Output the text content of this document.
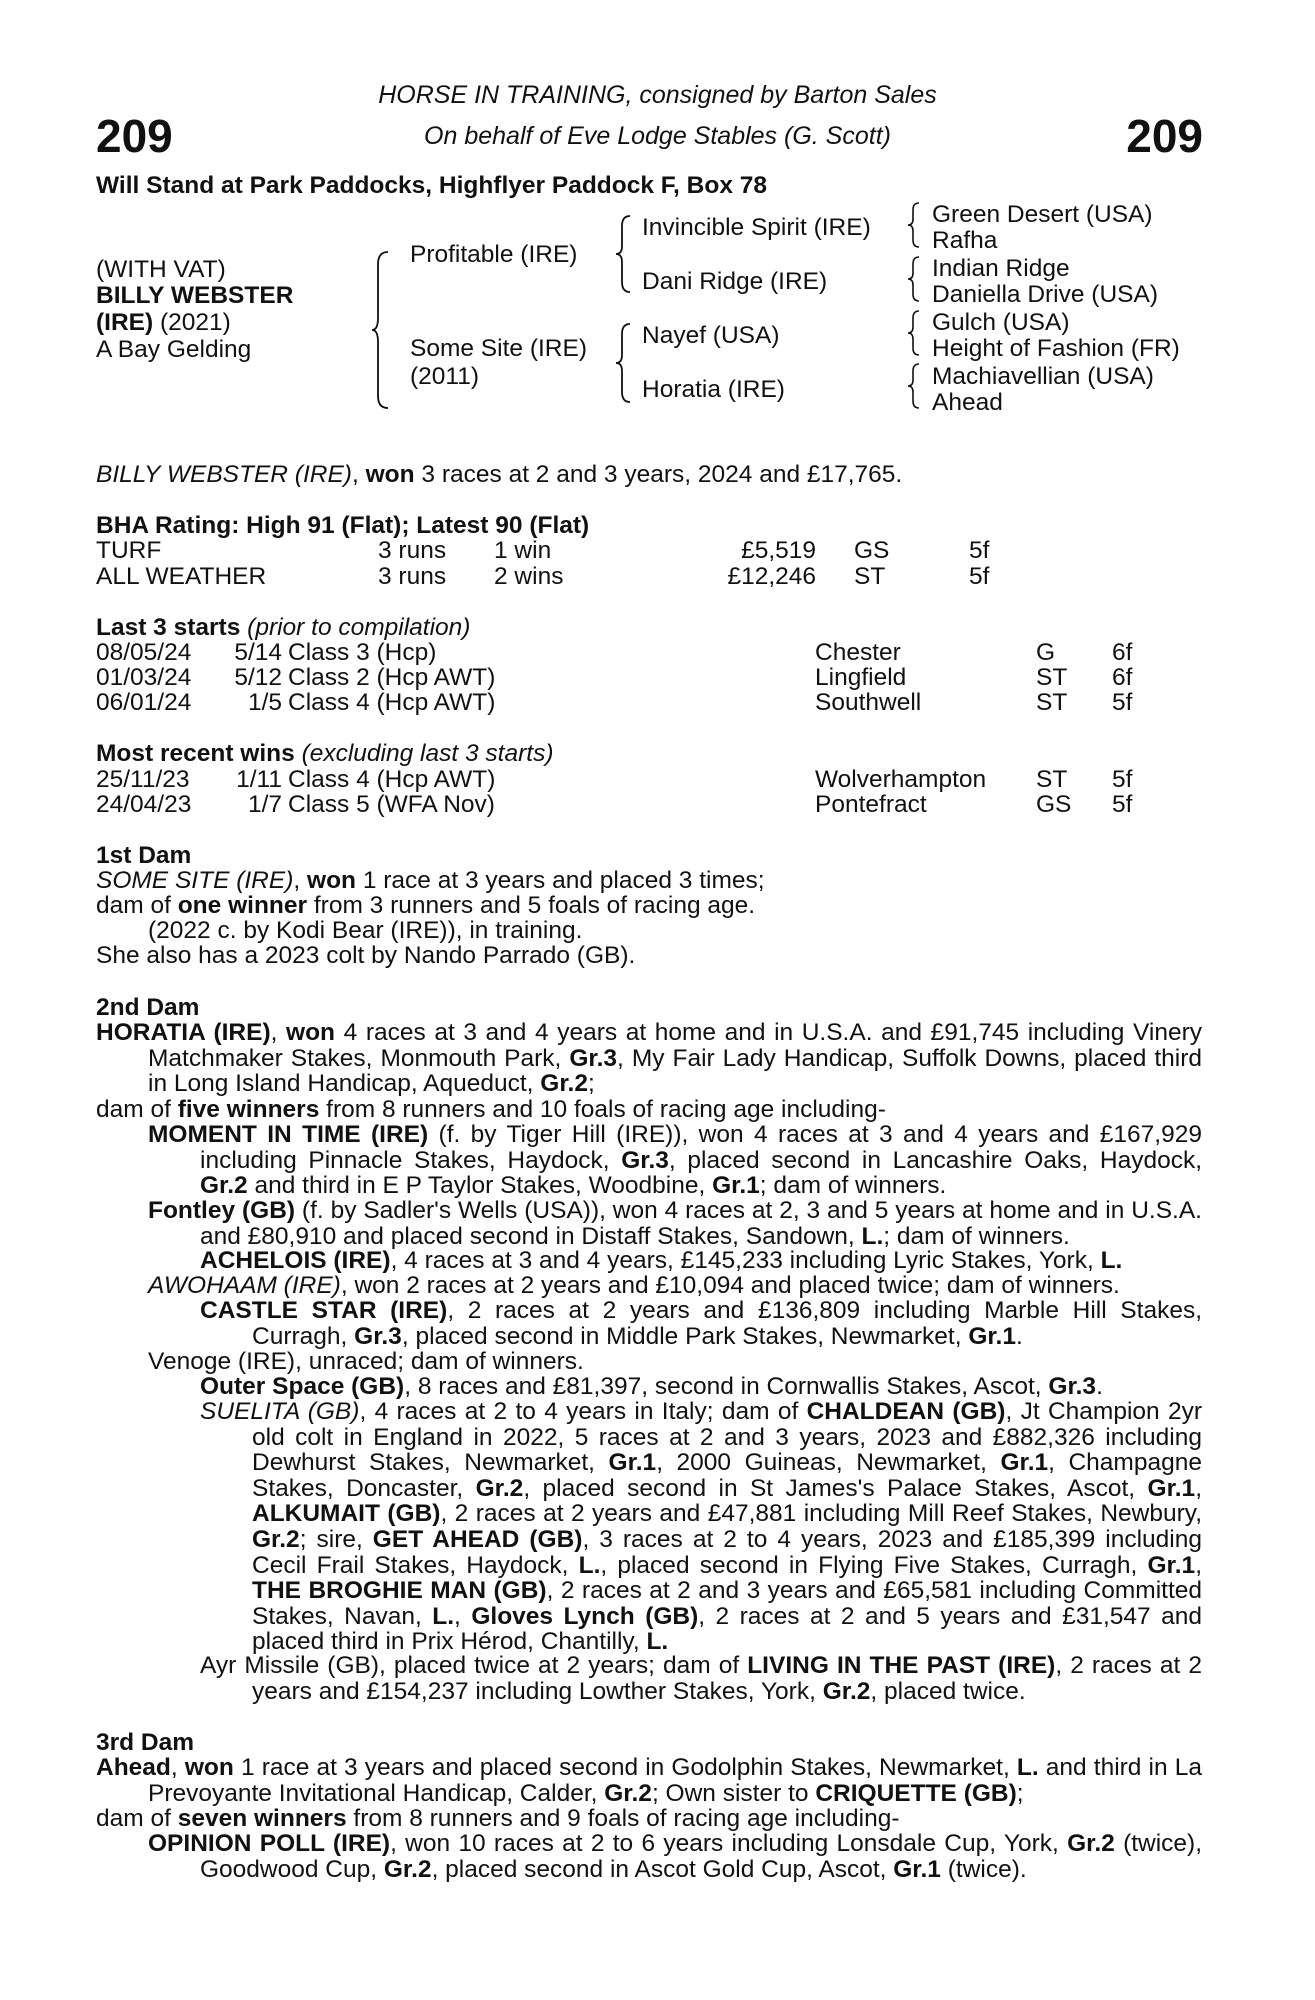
209	209
HORSE IN TRAINING, consigned by Barton Sales
On behalf of Eve Lodge Stables (G. Scott)
Will Stand at Park Paddocks, Highflyer Paddock F, Box 78
(WITH VAT)
BILLY WEBSTER
(IRE) (2021)
A Bay Gelding
Profitable (IRE)
Some Site (IRE)
(2011)
Invincible Spirit (IRE)
Dani Ridge (IRE)
Nayef (USA)
Horatia (IRE)
Green Desert (USA)
Rafha
Indian Ridge
Daniella Drive (USA)
Gulch (USA)
Height of Fashion (FR)
Machiavellian (USA)
Ahead
BILLY WEBSTER (IRE), won 3 races at 2 and 3 years, 2024 and £17,765.
BHA Rating: High 91 (Flat); Latest 90 (Flat)
TURF	3 runs 1 win	£5,519 GS	5f
ALL WEATHER	3 runs 2 wins	£12,246 ST	5f
Last 3 starts (prior to compilation)
08/05/24 5/14 Class 3 (Hcp)	Chester	G 6f
01/03/24 5/12 Class 2 (Hcp AWT)	Lingfield	ST 6f
06/01/24 1/5 Class 4 (Hcp AWT)	Southwell	ST 5f
Most recent wins (excluding last 3 starts)
25/11/23 1/11 Class 4 (Hcp AWT)	Wolverhampton ST 5f
24/04/23 1/7 Class 5 (WFA Nov)	Pontefract	GS 5f
1st Dam
SOME SITE (IRE), won 1 race at 3 years and placed 3 times;
dam of one winner from 3 runners and 5 foals of racing age.
(2022 c. by Kodi Bear (IRE)), in training.
She also has a 2023 colt by Nando Parrado (GB).
2nd Dam
HORATIA (IRE), won 4 races at 3 and 4 years at home and in U.S.A. and £91,745 including Vinery Matchmaker Stakes, Monmouth Park, Gr.3, My Fair Lady Handicap, Suffolk Downs, placed third in Long Island Handicap, Aqueduct, Gr.2;
dam of five winners from 8 runners and 10 foals of racing age including-
MOMENT IN TIME (IRE) (f. by Tiger Hill (IRE)), won 4 races at 3 and 4 years and £167,929 including Pinnacle Stakes, Haydock, Gr.3, placed second in Lancashire Oaks, Haydock, Gr.2 and third in E P Taylor Stakes, Woodbine, Gr.1; dam of winners.
Fontley (GB) (f. by Sadler's Wells (USA)), won 4 races at 2, 3 and 5 years at home and in U.S.A. and £80,910 and placed second in Distaff Stakes, Sandown, L.; dam of winners.
ACHELOIS (IRE), 4 races at 3 and 4 years, £145,233 including Lyric Stakes, York, L.
AWOHAAM (IRE), won 2 races at 2 years and £10,094 and placed twice; dam of winners.
CASTLE STAR (IRE), 2 races at 2 years and £136,809 including Marble Hill Stakes, Curragh, Gr.3, placed second in Middle Park Stakes, Newmarket, Gr.1.
Venoge (IRE), unraced; dam of winners.
Outer Space (GB), 8 races and £81,397, second in Cornwallis Stakes, Ascot, Gr.3.
SUELITA (GB), 4 races at 2 to 4 years in Italy; dam of CHALDEAN (GB), Jt Champion 2yr old colt in England in 2022, 5 races at 2 and 3 years, 2023 and £882,326 including Dewhurst Stakes, Newmarket, Gr.1, 2000 Guineas, Newmarket, Gr.1, Champagne Stakes, Doncaster, Gr.2, placed second in St James's Palace Stakes, Ascot, Gr.1, ALKUMAIT (GB), 2 races at 2 years and £47,881 including Mill Reef Stakes, Newbury, Gr.2; sire, GET AHEAD (GB), 3 races at 2 to 4 years, 2023 and £185,399 including Cecil Frail Stakes, Haydock, L., placed second in Flying Five Stakes, Curragh, Gr.1, THE BROGHIE MAN (GB), 2 races at 2 and 3 years and £65,581 including Committed Stakes, Navan, L., Gloves Lynch (GB), 2 races at 2 and 5 years and £31,547 and placed third in Prix Hérod, Chantilly, L.
Ayr Missile (GB), placed twice at 2 years; dam of LIVING IN THE PAST (IRE), 2 races at 2 years and £154,237 including Lowther Stakes, York, Gr.2, placed twice.
3rd Dam
Ahead, won 1 race at 3 years and placed second in Godolphin Stakes, Newmarket, L. and third in La Prevoyante Invitational Handicap, Calder, Gr.2; Own sister to CRIQUETTE (GB);
dam of seven winners from 8 runners and 9 foals of racing age including-
OPINION POLL (IRE), won 10 races at 2 to 6 years including Lonsdale Cup, York, Gr.2 (twice), Goodwood Cup, Gr.2, placed second in Ascot Gold Cup, Ascot, Gr.1 (twice).
